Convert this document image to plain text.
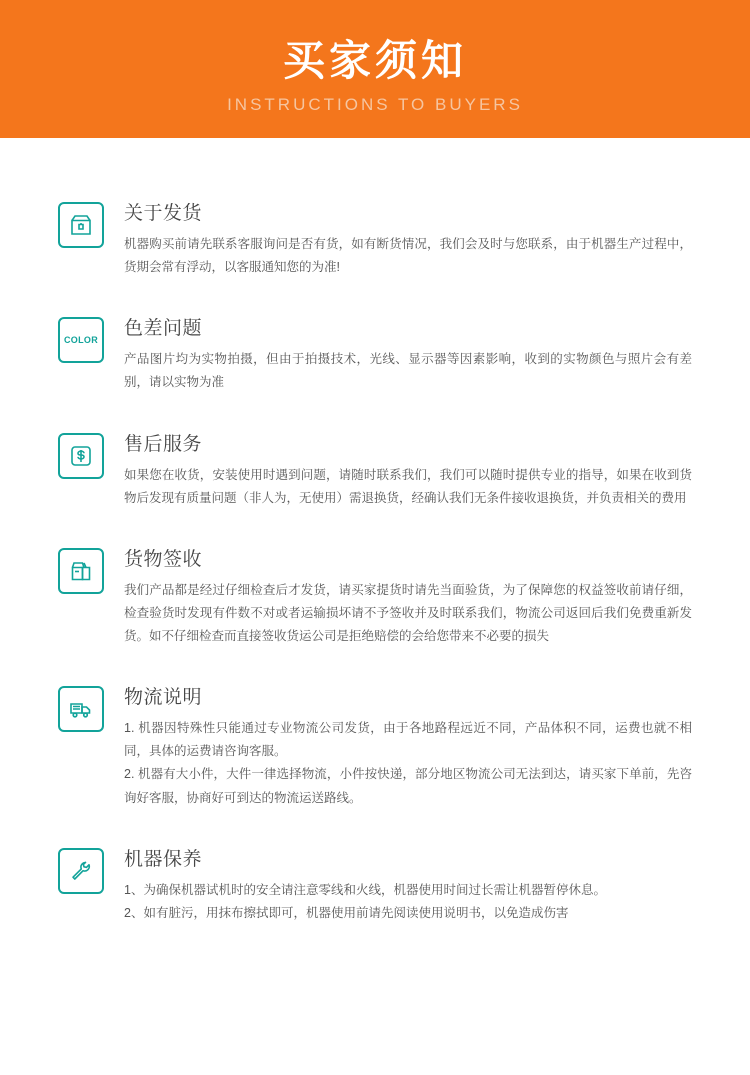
买家须知
INSTRUCTIONS TO BUYERS
关于发货

机器购买前请先联系客服询问是否有货，如有断货情况，我们会及时与您联系，由于机器生产过程中，货期会常有浮动，以客服通知您的为准!

COLOR
色差问题

产品图片均为实物拍摄，但由于拍摄技术，光线、显示器等因素影响，收到的实物颜色与照片会有差别，请以实物为准

售后服务

如果您在收货，安装使用时遇到问题，请随时联系我们，我们可以随时提供专业的指导，如果在收到货物后发现有质量问题（非人为，无使用）需退换货，经确认我们无条件接收退换货，并负责相关的费用

货物签收

我们产品都是经过仔细检查后才发货，请买家提货时请先当面验货，为了保障您的权益签收前请仔细，检查验货时发现有件数不对或者运输损坏请不予签收并及时联系我们，物流公司返回后我们免费重新发货。如不仔细检查而直接签收货运公司是拒绝赔偿的会给您带来不必要的损失

物流说明
1. 机器因特殊性只能通过专业物流公司发货，由于各地路程远近不同，产品体积不同，运费也就不相同，具体的运费请咨询客服。
2. 机器有大小件，大件一律选择物流，小件按快递，部分地区物流公司无法到达，请买家下单前，先咨询好客服，协商好可到达的物流运送路线。
机器保养
1、为确保机器试机时的安全请注意零线和火线，机器使用时间过长需让机器暂停休息。
2、如有脏污，用抹布擦拭即可，机器使用前请先阅读使用说明书，以免造成伤害
